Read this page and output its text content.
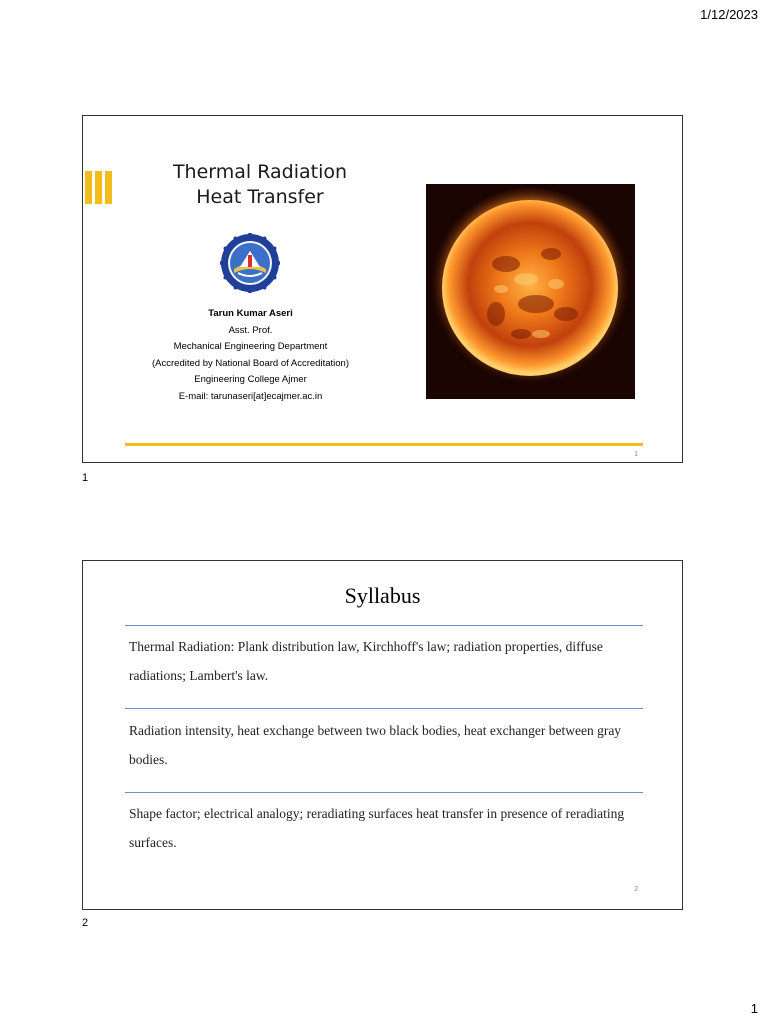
1/12/2023
Thermal Radiation
Heat Transfer
Tarun Kumar Aseri
Asst. Prof.
Mechanical Engineering Department
(Accredited by National Board of Accreditation)
Engineering College Ajmer
E-mail: tarunaseri[at]ecajmer.ac.in
1
1
Syllabus
Thermal Radiation: Plank distribution law, Kirchhoff's law; radiation properties, diffuse radiations; Lambert's law.
Radiation intensity, heat exchange between two black bodies, heat exchanger between gray bodies.
Shape factor; electrical analogy; reradiating surfaces heat transfer in presence of reradiating surfaces.
2
2
1
